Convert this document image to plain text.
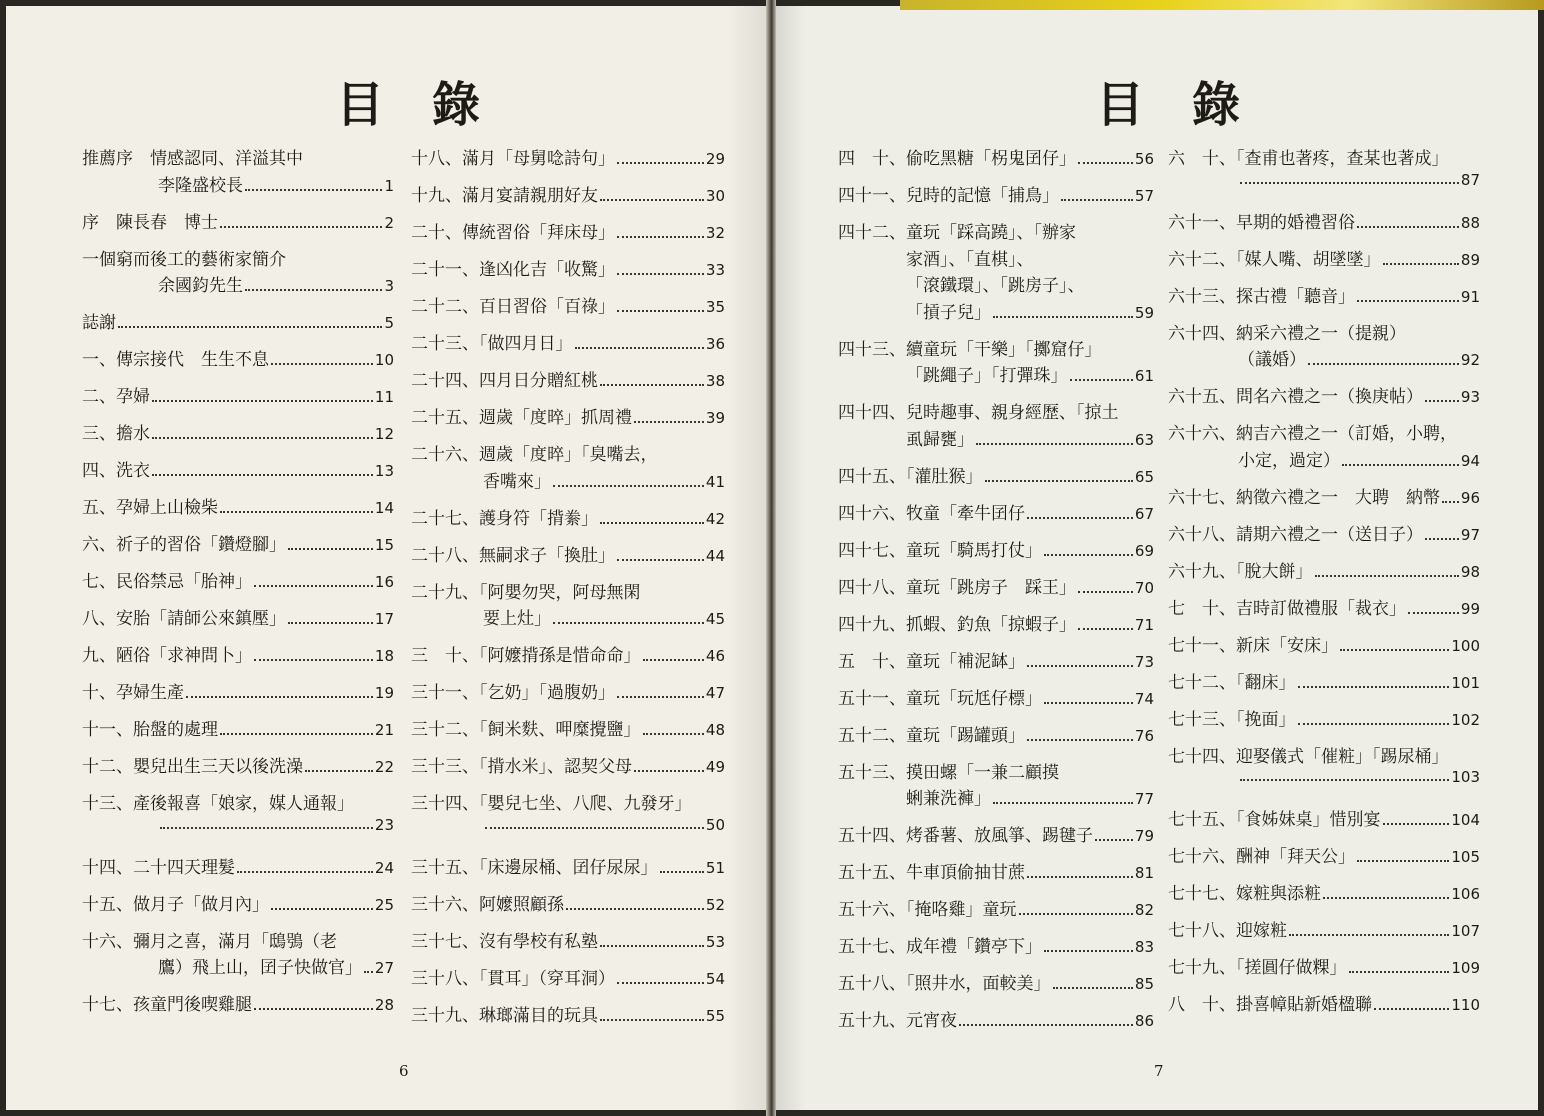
目 錄
推薦序　情感認同、洋溢其中
李隆盛校長	1
序　陳長春　博士	2
一個窮而後工的藝術家簡介
余國鈞先生	3
誌謝	5
一、傳宗接代　生生不息	10
二、孕婦	11
三、擔水	12
四、洗衣	13
五、孕婦上山檢柴	14
六、祈子的習俗「鑽燈腳」	15
七、民俗禁忌「胎神」	16
八、安胎「請師公來鎮壓」	17
九、陋俗「求神問卜」	18
十、孕婦生產	19
十一、胎盤的處理	21
十二、嬰兒出生三天以後洗澡	22
十三、產後報喜「娘家，媒人通報」
23
十四、二十四天理髮	24
十五、做月子「做月內」	25
十六、彌月之喜，滿月「鴟鴞（老
鷹）飛上山，囝子快做官」 27
十七、孩童門後喫雞腿	28
十八、滿月「母舅唸詩句」	29
十九、滿月宴請親朋好友	30
二十、傳統習俗「拜床母」	32
二十一、逢凶化吉「收驚」	33
二十二、百日習俗「百祿」	35
二十三、「做四月日」	36
二十四、四月日分贈紅桃	38
二十五、週歲「度晬」抓周禮	39
二十六、週歲「度晬」「臭嘴去，
香嘴來」	41
二十七、護身符「揹絭」	42
二十八、無嗣求子「換肚」	44
二十九、「阿嬰勿哭，阿母無閑
要上灶」	45
三　十、「阿嬤揹孫是惜命命」	46
三十一、「乞奶」「過腹奶」	47
三十二、「飼米麩、呷糜攪鹽」	48
三十三、「揹水米」、認契父母	49
三十四、「嬰兒七坐、八爬、九發牙」
50
三十五、「床邊尿桶、囝仔尿尿」	51
三十六、阿嬤照顧孫	52
三十七、沒有學校有私塾	53
三十八、「貫耳」（穿耳洞）	54
三十九、琳瑯滿目的玩具	55
6
目 錄
四　十、偷吃黑糖「柺鬼囝仔」	56
四十一、兒時的記憶「捕鳥」	57
四十二、童玩「踩高蹺」、「辦家
家酒」、「直棋」、
「滾鐵環」、「跳房子」、
「摃子兒」	59
四十三、續童玩「干樂」「擲窟仔」
「跳繩子」「打彈珠」	61
四十四、兒時趣事、親身經歷、「掠土
虱歸甕」	63
四十五、「灌肚猴」	65
四十六、牧童「牽牛囝仔	67
四十七、童玩「騎馬打仗」	69
四十八、童玩「跳房子　踩王」	70
四十九、抓蝦、釣魚「掠蝦子」	71
五　十、童玩「補泥缽」	73
五十一、童玩「玩尪仔標」	74
五十二、童玩「踢罐頭」	76
五十三、摸田螺「一兼二顧摸
蜊兼洗褲」	77
五十四、烤番薯、放風箏、踢毽子	79
五十五、牛車頂偷抽甘蔗	81
五十六、「掩咯雞」童玩	82
五十七、成年禮「鑽亭下」	83
五十八、「照井水，面較美」	85
五十九、元宵夜	86
六　十、「查甫也著疼，查某也著成」
87
六十一、早期的婚禮習俗	88
六十二、「媒人嘴、胡墜墜」	89
六十三、探古禮「聽音」	91
六十四、納采六禮之一（提親）
（議婚）	92
六十五、問名六禮之一（換庚帖）	93
六十六、納吉六禮之一（訂婚，小聘，
小定，過定）	94
六十七、納徵六禮之一　大聘　納幣 96
六十八、請期六禮之一（送日子）	97
六十九、「脫大餅」	98
七　十、吉時訂做禮服「裁衣」	99
七十一、新床「安床」	100
七十二、「翻床」	101
七十三、「挽面」	102
七十四、迎娶儀式「催粧」「踢尿桶」
103
七十五、「食姊妹桌」惜別宴	104
七十六、酬神「拜天公」	105
七十七、嫁粧與添粧	106
七十八、迎嫁粧	107
七十九、「搓圓仔做粿」	109
八　十、掛喜幛貼新婚楹聯	110
7
